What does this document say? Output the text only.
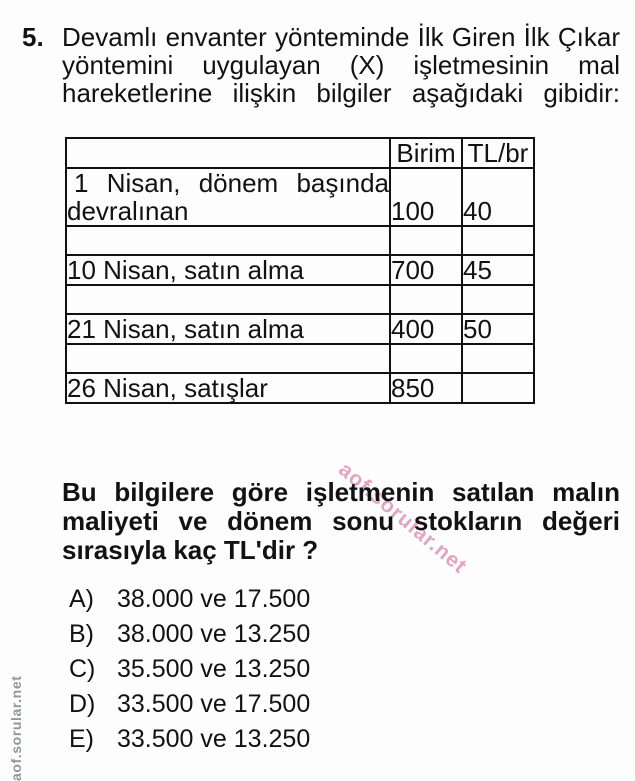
aof.sorular.net
aof.sorular.net
5. Devamlı envanter yönteminde İlk Giren İlk Çıkar
yöntemini uygulayan (X) işletmesinin mal
hareketlerine ilişkin bilgiler aşağıdaki gibidir:
	Birim	TL/br

1 Nisan, dönem başında
devralınan	100	40

10 Nisan, satın alma	700	45

21 Nisan, satın alma	400	50

26 Nisan, satışlar	850	
Bu bilgilere göre işletmenin satılan malın
maliyeti ve dönem sonu stokların değeri
sırasıyla kaç TL'dir ?
A) 38.000 ve 17.500
B) 38.000 ve 13.250
C) 35.500 ve 13.250
D) 33.500 ve 17.500
E) 33.500 ve 13.250
